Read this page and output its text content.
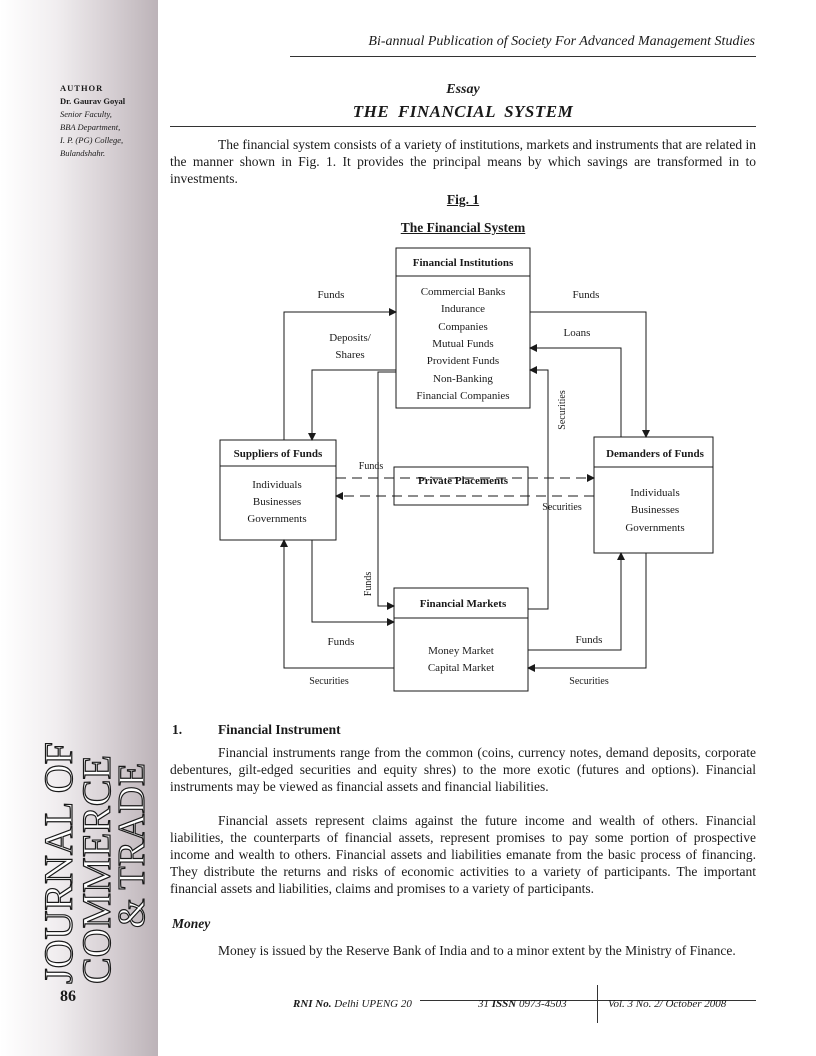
JOURNAL OF
COMMERCE
& TRADE
AUTHOR
Dr. Gaurav Goyal
Senior Faculty,
BBA Department,
I. P. (PG) College,
Bulandshahr.
86
Bi-annual Publication of Society For Advanced Management Studies
Essay
THE FINANCIAL SYSTEM
The financial system consists of a variety of institutions, markets and instruments that are related in the manner shown in Fig. 1. It provides the principal means by which savings are transformed in to investments.
Fig. 1
The Financial System
Financial Institutions
Commercial Banks
Indurance
Companies
Mutual Funds
Provident Funds
Non-Banking
Financial Companies
Suppliers of Funds
Individuals
Businesses
Governments
Demanders of Funds
Individuals
Businesses
Governments
Private Placements
Financial Markets
Money Market
Capital Market
Funds	Funds
Deposits/
Shares
Loans
Securities
Funds
Securities
Funds
Funds	Funds
Securities	Securities
1.	Financial Instrument
Financial instruments range from the common (coins, currency notes, demand deposits, corporate debentures, gilt-edged securities and equity shres) to the more exotic (futures and options). Financial instruments may be viewed as financial assets and financial liabilities.
Financial assets represent claims against the future income and wealth of others. Financial liabilities, the counterparts of financial assets, represent promises to pay some portion of prospective income and wealth to others. Financial assets and liabilities emanate from the basic process of financing. They distribute the returns and risks of economic activities to a variety of participants. The important financial assets and liabilities, claims and promises to a variety of participants.
Money
Money is issued by the Reserve Bank of India and to a minor extent by the Ministry of Finance.
RNI No. Delhi UPENG 20	31 ISSN 0973-4503	Vol. 3 No. 2/ October 2008
